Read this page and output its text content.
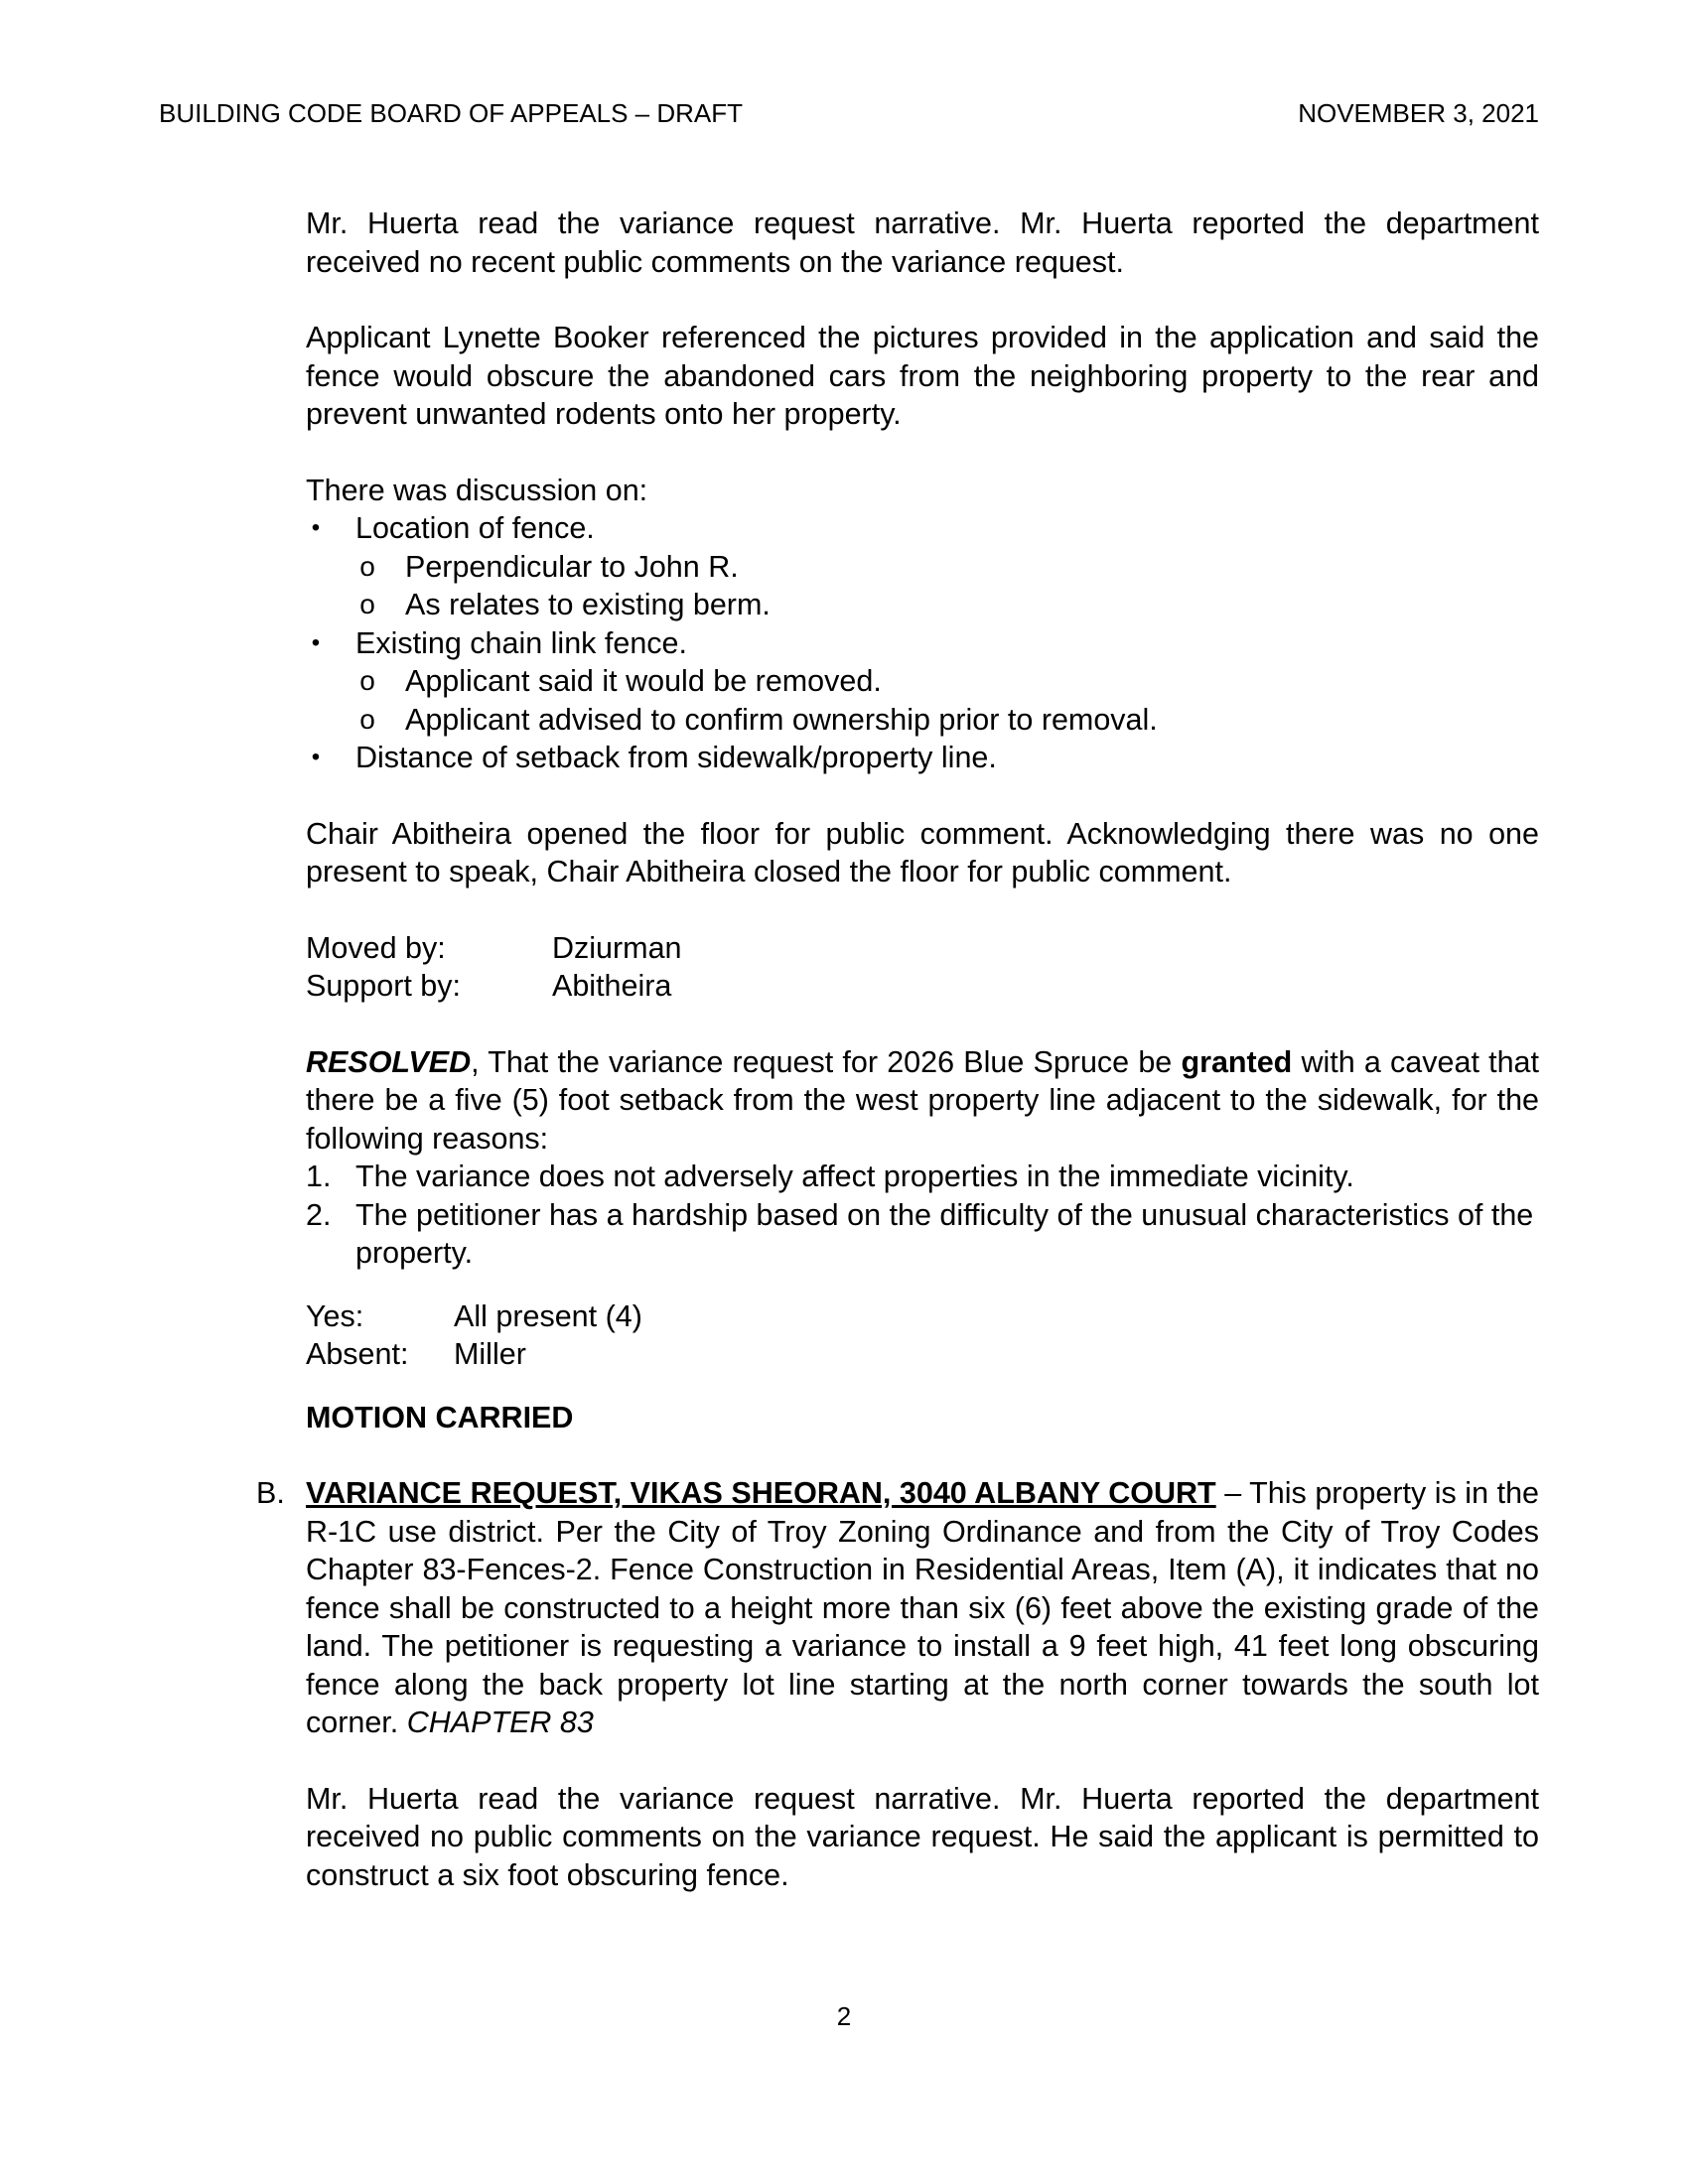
BUILDING CODE BOARD OF APPEALS – DRAFT	NOVEMBER 3, 2021

Mr. Huerta read the variance request narrative. Mr. Huerta reported the department received no recent public comments on the variance request.

Applicant Lynette Booker referenced the pictures provided in the application and said the fence would obscure the abandoned cars from the neighboring property to the rear and prevent unwanted rodents onto her property.

There was discussion on:

• Location of fence.
o Perpendicular to John R.
o As relates to existing berm.
• Existing chain link fence.
o Applicant said it would be removed.
o Applicant advised to confirm ownership prior to removal.
• Distance of setback from sidewalk/property line.

Chair Abitheira opened the floor for public comment. Acknowledging there was no one present to speak, Chair Abitheira closed the floor for public comment.

Moved by:	Dziurman
Support by:	Abitheira

RESOLVED, That the variance request for 2026 Blue Spruce be granted with a caveat that there be a five (5) foot setback from the west property line adjacent to the sidewalk, for the following reasons:

1. The variance does not adversely affect properties in the immediate vicinity.
2. The petitioner has a hardship based on the difficulty of the unusual characteristics of the property.
Yes:	All present (4)
Absent:	Miller

MOTION CARRIED

B. VARIANCE REQUEST, VIKAS SHEORAN, 3040 ALBANY COURT – This property is in the R-1C use district. Per the City of Troy Zoning Ordinance and from the City of Troy Codes Chapter 83-Fences-2. Fence Construction in Residential Areas, Item (A), it indicates that no fence shall be constructed to a height more than six (6) feet above the existing grade of the land. The petitioner is requesting a variance to install a 9 feet high, 41 feet long obscuring fence along the back property lot line starting at the north corner towards the south lot corner. CHAPTER 83

Mr. Huerta read the variance request narrative. Mr. Huerta reported the department received no public comments on the variance request. He said the applicant is permitted to construct a six foot obscuring fence.

2
